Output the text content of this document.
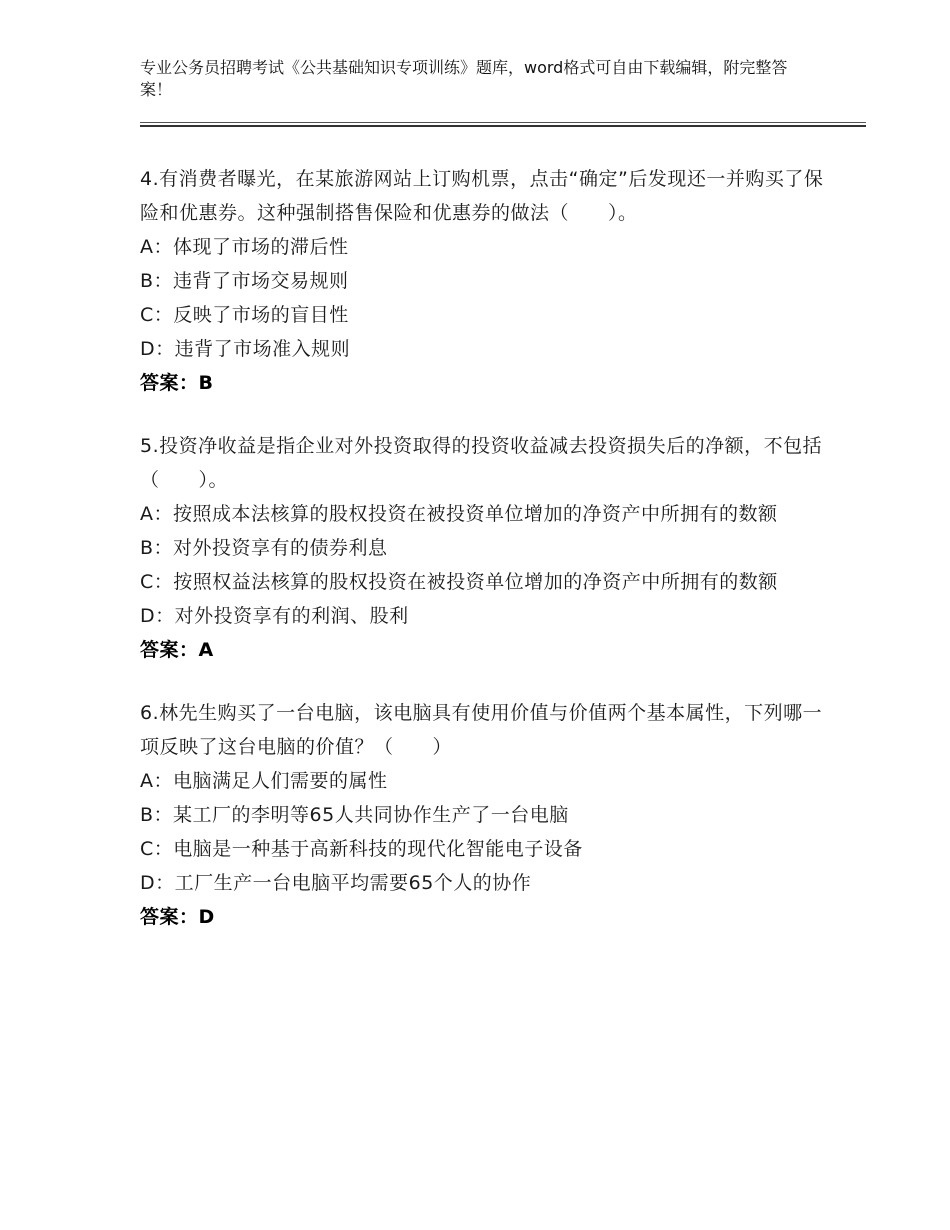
专业公务员招聘考试《公共基础知识专项训练》题库，word格式可自由下载编辑，附完整答案！
4.有消费者曝光，在某旅游网站上订购机票，点击“确定”后发现还一并购买了保险和优惠券。这种强制搭售保险和优惠券的做法（　　）。
A：体现了市场的滞后性
B：违背了市场交易规则
C：反映了市场的盲目性
D：违背了市场准入规则
答案：B
5.投资净收益是指企业对外投资取得的投资收益减去投资损失后的净额，不包括（　　）。
A：按照成本法核算的股权投资在被投资单位增加的净资产中所拥有的数额
B：对外投资享有的债券利息
C：按照权益法核算的股权投资在被投资单位增加的净资产中所拥有的数额
D：对外投资享有的利润、股利
答案：A
6.林先生购买了一台电脑，该电脑具有使用价值与价值两个基本属性，下列哪一项反映了这台电脑的价值？（　　）
A：电脑满足人们需要的属性
B：某工厂的李明等65人共同协作生产了一台电脑
C：电脑是一种基于高新科技的现代化智能电子设备
D：工厂生产一台电脑平均需要65个人的协作
答案：D
